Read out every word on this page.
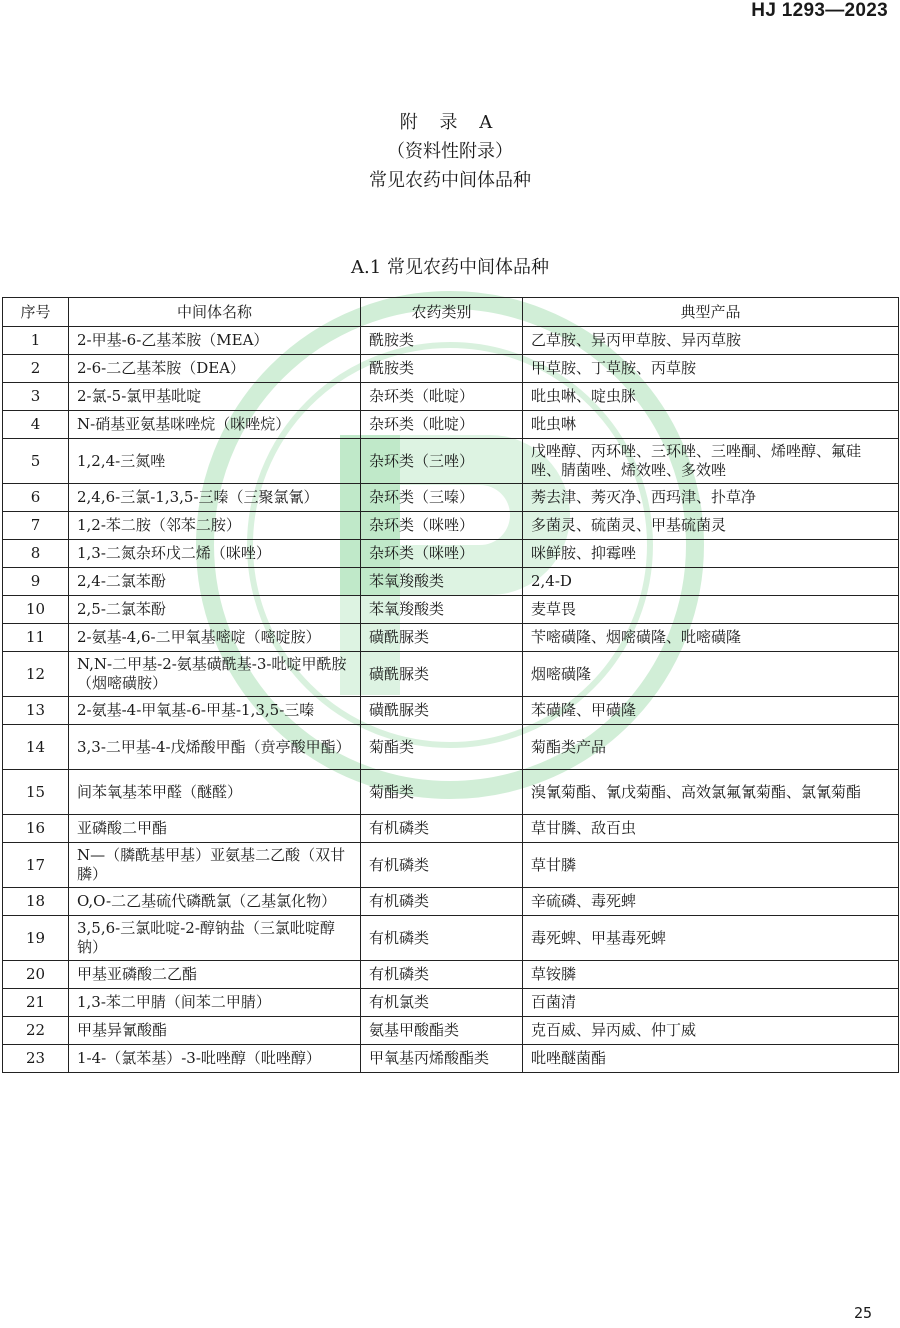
HJ 1293—2023
附 录 A
（资料性附录）
常见农药中间体品种
A.1 常见农药中间体品种
序号	中间体名称	农药类别	典型产品
1	2-甲基-6-乙基苯胺（MEA）	酰胺类	乙草胺、异丙甲草胺、异丙草胺
2	2-6-二乙基苯胺（DEA）	酰胺类	甲草胺、丁草胺、丙草胺
3	2-氯-5-氯甲基吡啶	杂环类（吡啶）	吡虫啉、啶虫脒
4	N-硝基亚氨基咪唑烷（咪唑烷）	杂环类（吡啶）	吡虫啉
5	1,2,4-三氮唑	杂环类（三唑）	戊唑醇、丙环唑、三环唑、三唑酮、烯唑醇、氟硅唑、腈菌唑、烯效唑、多效唑
6	2,4,6-三氯-1,3,5-三嗪（三聚氯氰）	杂环类（三嗪）	莠去津、莠灭净、西玛津、扑草净
7	1,2-苯二胺（邻苯二胺）	杂环类（咪唑）	多菌灵、硫菌灵、甲基硫菌灵
8	1,3-二氮杂环戊二烯（咪唑）	杂环类（咪唑）	咪鲜胺、抑霉唑
9	2,4-二氯苯酚	苯氧羧酸类	2,4-D
10	2,5-二氯苯酚	苯氧羧酸类	麦草畏
11	2-氨基-4,6-二甲氧基嘧啶（嘧啶胺）	磺酰脲类	苄嘧磺隆、烟嘧磺隆、吡嘧磺隆
12	N,N-二甲基-2-氨基磺酰基-3-吡啶甲酰胺（烟嘧磺胺）	磺酰脲类	烟嘧磺隆
13	2-氨基-4-甲氧基-6-甲基-1,3,5-三嗪	磺酰脲类	苯磺隆、甲磺隆
14	3,3-二甲基-4-戊烯酸甲酯（贲亭酸甲酯）	菊酯类	菊酯类产品
15	间苯氧基苯甲醛（醚醛）	菊酯类	溴氰菊酯、氰戊菊酯、高效氯氟氰菊酯、氯氰菊酯
16	亚磷酸二甲酯	有机磷类	草甘膦、敌百虫
17	N—（膦酰基甲基）亚氨基二乙酸（双甘膦）	有机磷类	草甘膦
18	O,O-二乙基硫代磷酰氯（乙基氯化物）	有机磷类	辛硫磷、毒死蜱
19	3,5,6-三氯吡啶-2-醇钠盐（三氯吡啶醇钠）	有机磷类	毒死蜱、甲基毒死蜱
20	甲基亚磷酸二乙酯	有机磷类	草铵膦
21	1,3-苯二甲腈（间苯二甲腈）	有机氯类	百菌清
22	甲基异氰酸酯	氨基甲酸酯类	克百威、异丙威、仲丁威
23	1-4-（氯苯基）-3-吡唑醇（吡唑醇）	甲氧基丙烯酸酯类	吡唑醚菌酯
25
